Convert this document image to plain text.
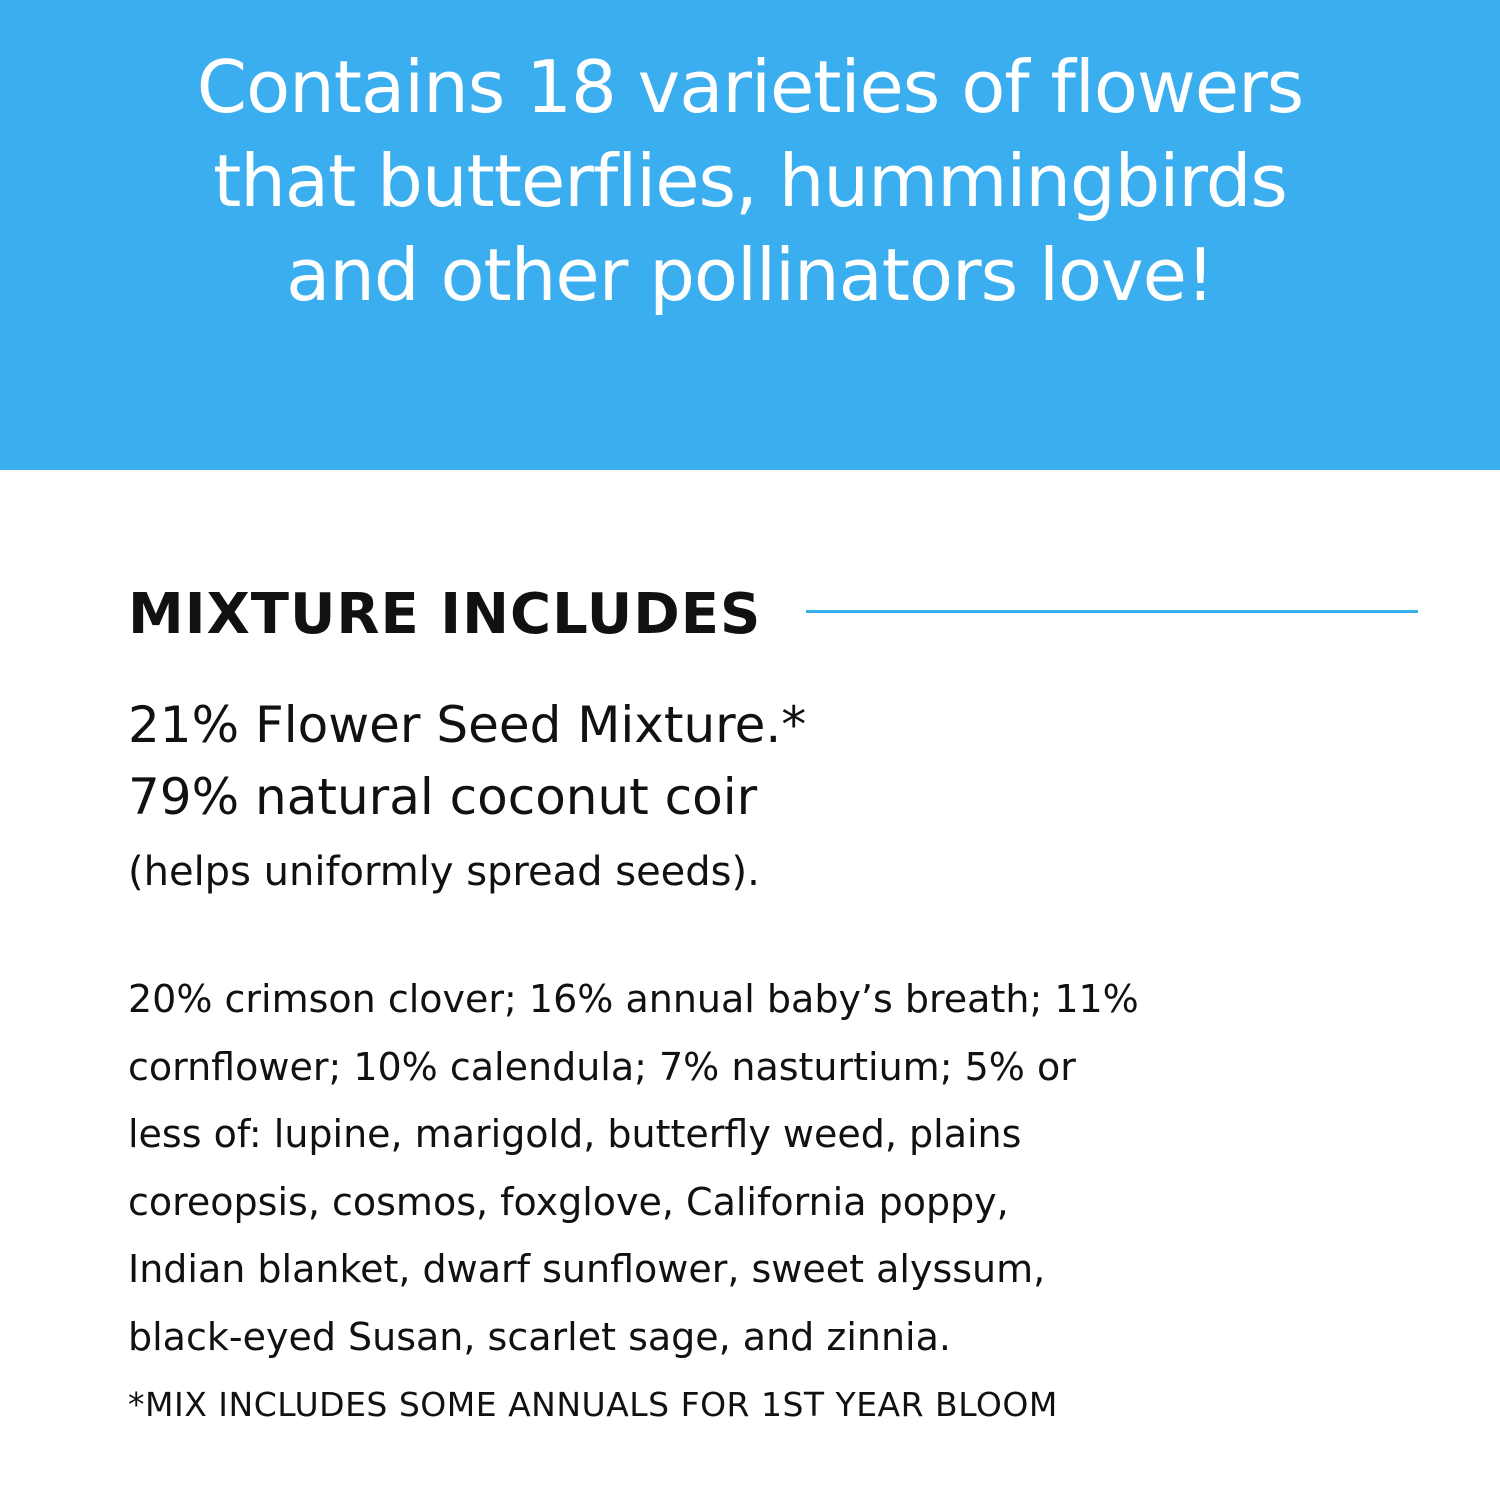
Contains 18 varieties of flowers
that butterflies, hummingbirds
and other pollinators love!
MIXTURE INCLUDES
21% Flower Seed Mixture.*
79% natural coconut coir
(helps uniformly spread seeds).
20% crimson clover; 16% annual baby’s breath; 11%
cornflower; 10% calendula; 7% nasturtium; 5% or
less of: lupine, marigold, butterfly weed, plains
coreopsis, cosmos, foxglove, California poppy,
Indian blanket, dwarf sunflower, sweet alyssum,
black-eyed Susan, scarlet sage, and zinnia.
*MIX INCLUDES SOME ANNUALS FOR 1ST YEAR BLOOM
